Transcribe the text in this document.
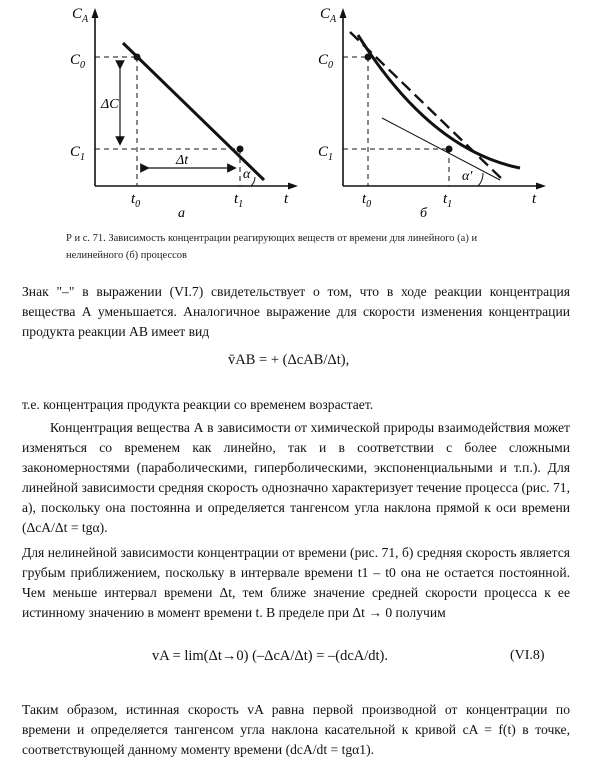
$C_A$
$C_0$
$C_1$
ΔC
Δt
α
$t_0$	$t_1$	t
а
$C_A$
$C_0$
$C_1$
α'
$t_0$	$t_1$	t
б
Р и с. 71. Зависимость концентрации реагирующих веществ от времени для линейного (а) и нелинейного (б) процессов
Знак "–" в выражении (VI.7) свидетельствует о том, что в ходе реакции концентрация вещества А уменьшается. Аналогичное выражение для скорости изменения концентрации продукта реакции АВ имеет вид
v̄AB = + (ΔcAB/Δt),
т.е. концентрация продукта реакции со временем возрастает.
Концентрация вещества А в зависимости от химической природы взаимодействия может изменяться со временем как линейно, так и в соответствии с более сложными закономерностями (параболическими, гиперболическими, экспоненциальными и т.п.). Для линейной зависимости средняя скорость однозначно характеризует течение процесса (рис. 71, а), поскольку она постоянна и определяется тангенсом угла наклона прямой к оси времени (ΔcA/Δt = tgα).
Для нелинейной зависимости концентрации от времени (рис. 71, б) средняя скорость является грубым приближением, поскольку в интервале времени t1 – t0 она не остается постоянной. Чем меньше интервал времени Δt, тем ближе значение средней скорости процесса к ее истинному значению в момент времени t. В пределе при Δt → 0 получим
vA = lim(Δt→0) (–ΔcA/Δt) = –(dcA/dt).	(VI.8)
Таким образом, истинная скорость vA равна первой производной от концентрации по времени и определяется тангенсом угла наклона касательной к кривой cA = f(t) в точке, соответствующей данному моменту времени (dcA/dt = tgα1).
